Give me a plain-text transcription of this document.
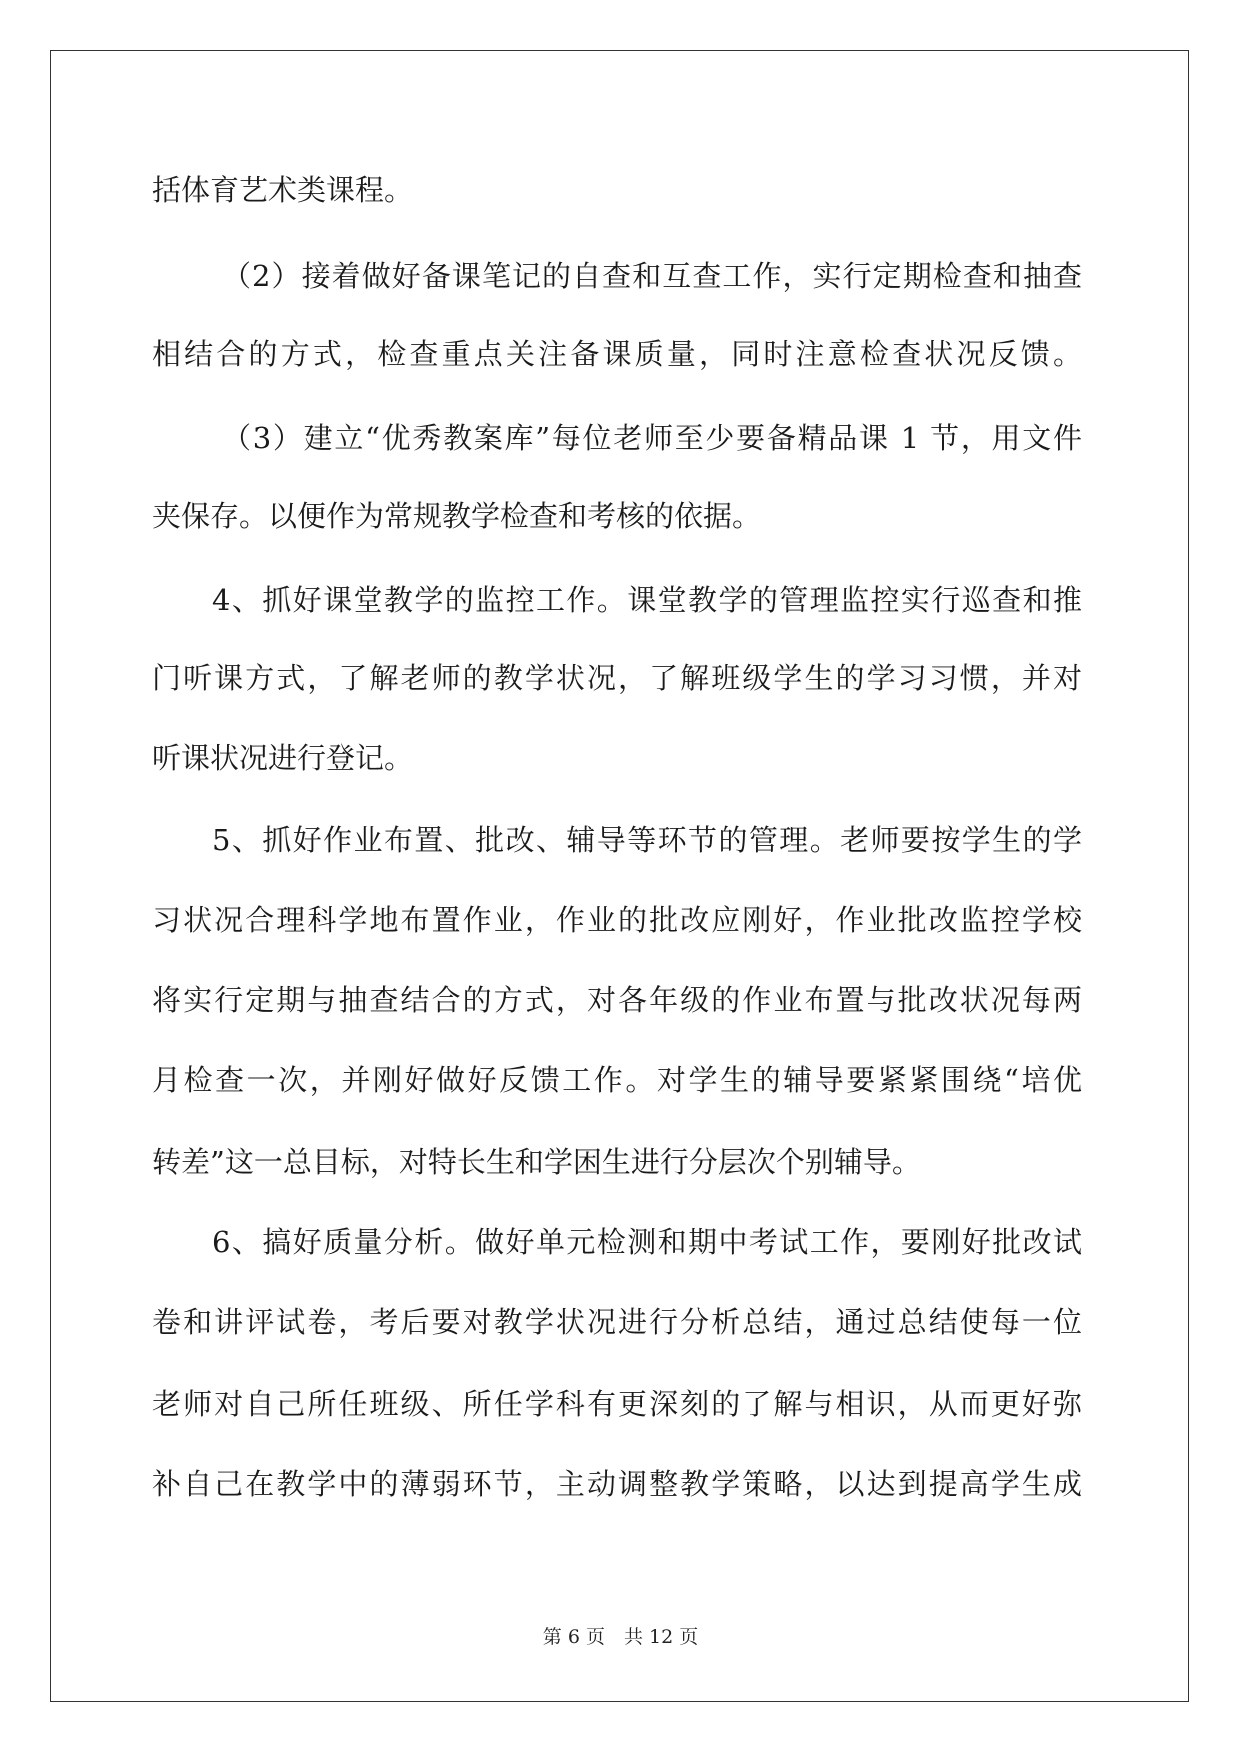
括体育艺术类课程。
（2）接着做好备课笔记的自查和互查工作，实行定期检查和抽查
相结合的方式，检查重点关注备课质量，同时注意检查状况反馈。
（3）建立“优秀教案库”每位老师至少要备精品课 1 节，用文件
夹保存。以便作为常规教学检查和考核的依据。
4、抓好课堂教学的监控工作。课堂教学的管理监控实行巡查和推
门听课方式，了解老师的教学状况，了解班级学生的学习习惯，并对
听课状况进行登记。
5、抓好作业布置、批改、辅导等环节的管理。老师要按学生的学
习状况合理科学地布置作业，作业的批改应刚好，作业批改监控学校
将实行定期与抽查结合的方式，对各年级的作业布置与批改状况每两
月检查一次，并刚好做好反馈工作。对学生的辅导要紧紧围绕“培优
转差”这一总目标，对特长生和学困生进行分层次个别辅导。
6、搞好质量分析。做好单元检测和期中考试工作，要刚好批改试
卷和讲评试卷，考后要对教学状况进行分析总结，通过总结使每一位
老师对自己所任班级、所任学科有更深刻的了解与相识，从而更好弥
补自己在教学中的薄弱环节，主动调整教学策略，以达到提高学生成
第 6 页　共 12 页
